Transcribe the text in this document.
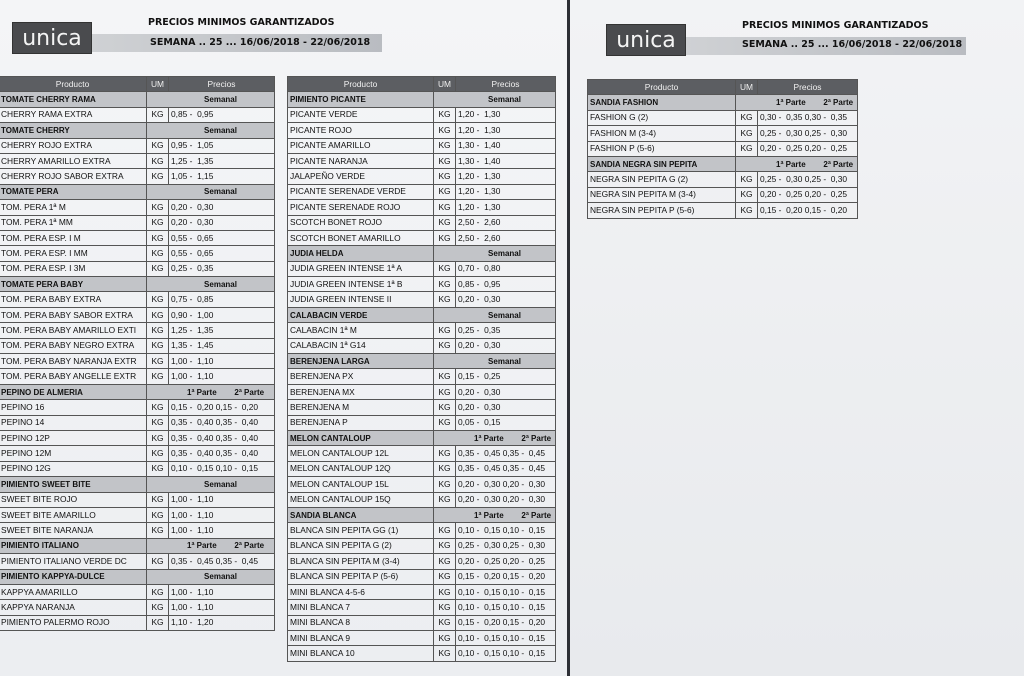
unica
PRECIOS MINIMOS GARANTIZADOS
SEMANA .. 25 ... 16/06/2018 - 22/06/2018
Producto	UM	Precios
TOMATE CHERRY RAMA	Semanal	
CHERRY RAMA EXTRA	KG	0,85 -  0,95
TOMATE CHERRY	Semanal	
CHERRY ROJO EXTRA	KG	0,95 -  1,05
CHERRY AMARILLO EXTRA	KG	1,25 -  1,35
CHERRY ROJO SABOR EXTRA	KG	1,05 -  1,15
TOMATE PERA	Semanal	
TOM. PERA 1ª M	KG	0,20 -  0,30
TOM. PERA 1ª MM	KG	0,20 -  0,30
TOM. PERA ESP. I M	KG	0,55 -  0,65
TOM. PERA ESP. I MM	KG	0,55 -  0,65
TOM. PERA ESP. I 3M	KG	0,25 -  0,35
TOMATE PERA BABY	Semanal	
TOM. PERA BABY EXTRA	KG	0,75 -  0,85
TOM. PERA BABY SABOR EXTRA	KG	0,90 -  1,00
TOM. PERA BABY AMARILLO EXTI	KG	1,25 -  1,35
TOM. PERA BABY NEGRO EXTRA	KG	1,35 -  1,45
TOM. PERA BABY NARANJA EXTR	KG	1,00 -  1,10
TOM. PERA BABY ANGELLE EXTR	KG	1,00 -  1,10
PEPINO DE ALMERIA	1ª Parte        2ª Parte	
PEPINO 16	KG	0,15 -  0,20 0,15 -  0,20
PEPINO 14	KG	0,35 -  0,40 0,35 -  0,40
PEPINO 12P	KG	0,35 -  0,40 0,35 -  0,40
PEPINO 12M	KG	0,35 -  0,40 0,35 -  0,40
PEPINO 12G	KG	0,10 -  0,15 0,10 -  0,15
PIMIENTO SWEET BITE	Semanal	
SWEET BITE ROJO	KG	1,00 -  1,10
SWEET BITE AMARILLO	KG	1,00 -  1,10
SWEET BITE NARANJA	KG	1,00 -  1,10
PIMIENTO ITALIANO	1ª Parte        2ª Parte	
PIMIENTO ITALIANO VERDE DC	KG	0,35 -  0,45 0,35 -  0,45
PIMIENTO KAPPYA-DULCE	Semanal	
KAPPYA AMARILLO	KG	1,00 -  1,10
KAPPYA NARANJA	KG	1,00 -  1,10
PIMIENTO PALERMO ROJO	KG	1,10 -  1,20
Producto	UM	Precios
PIMIENTO PICANTE	Semanal	
PICANTE VERDE	KG	1,20 -  1,30
PICANTE ROJO	KG	1,20 -  1,30
PICANTE AMARILLO	KG	1,30 -  1,40
PICANTE NARANJA	KG	1,30 -  1,40
JALAPEÑO VERDE	KG	1,20 -  1,30
PICANTE SERENADE VERDE	KG	1,20 -  1,30
PICANTE SERENADE ROJO	KG	1,20 -  1,30
SCOTCH BONET ROJO	KG	2,50 -  2,60
SCOTCH BONET AMARILLO	KG	2,50 -  2,60
JUDIA HELDA	Semanal	
JUDIA GREEN INTENSE 1ª A	KG	0,70 -  0,80
JUDIA GREEN INTENSE 1ª B	KG	0,85 -  0,95
JUDIA GREEN INTENSE II	KG	0,20 -  0,30
CALABACIN VERDE	Semanal	
CALABACIN 1ª M	KG	0,25 -  0,35
CALABACIN 1ª G14	KG	0,20 -  0,30
BERENJENA LARGA	Semanal	
BERENJENA PX	KG	0,15 -  0,25
BERENJENA MX	KG	0,20 -  0,30
BERENJENA M	KG	0,20 -  0,30
BERENJENA P	KG	0,05 -  0,15
MELON CANTALOUP	1ª Parte        2ª Parte	
MELON CANTALOUP 12L	KG	0,35 -  0,45 0,35 -  0,45
MELON CANTALOUP 12Q	KG	0,35 -  0,45 0,35 -  0,45
MELON CANTALOUP 15L	KG	0,20 -  0,30 0,20 -  0,30
MELON CANTALOUP 15Q	KG	0,20 -  0,30 0,20 -  0,30
SANDIA BLANCA	1ª Parte        2ª Parte	
BLANCA SIN PEPITA GG (1)	KG	0,10 -  0,15 0,10 -  0,15
BLANCA SIN PEPITA G (2)	KG	0,25 -  0,30 0,25 -  0,30
BLANCA SIN PEPITA M (3-4)	KG	0,20 -  0,25 0,20 -  0,25
BLANCA SIN PEPITA P (5-6)	KG	0,15 -  0,20 0,15 -  0,20
MINI BLANCA 4-5-6	KG	0,10 -  0,15 0,10 -  0,15
MINI BLANCA 7	KG	0,10 -  0,15 0,10 -  0,15
MINI BLANCA 8	KG	0,15 -  0,20 0,15 -  0,20
MINI BLANCA 9	KG	0,10 -  0,15 0,10 -  0,15
MINI BLANCA 10	KG	0,10 -  0,15 0,10 -  0,15
unica
PRECIOS MINIMOS GARANTIZADOS
SEMANA .. 25 ... 16/06/2018 - 22/06/2018
Producto	UM	Precios
SANDIA FASHION	1ª Parte        2ª Parte	
FASHION G (2)	KG	0,30 -  0,35 0,30 -  0,35
FASHION M (3-4)	KG	0,25 -  0,30 0,25 -  0,30
FASHION P (5-6)	KG	0,20 -  0,25 0,20 -  0,25
SANDIA NEGRA SIN PEPITA	1ª Parte        2ª Parte	
NEGRA SIN PEPITA G (2)	KG	0,25 -  0,30 0,25 -  0,30
NEGRA SIN PEPITA M (3-4)	KG	0,20 -  0,25 0,20 -  0,25
NEGRA SIN PEPITA P (5-6)	KG	0,15 -  0,20 0,15 -  0,20
